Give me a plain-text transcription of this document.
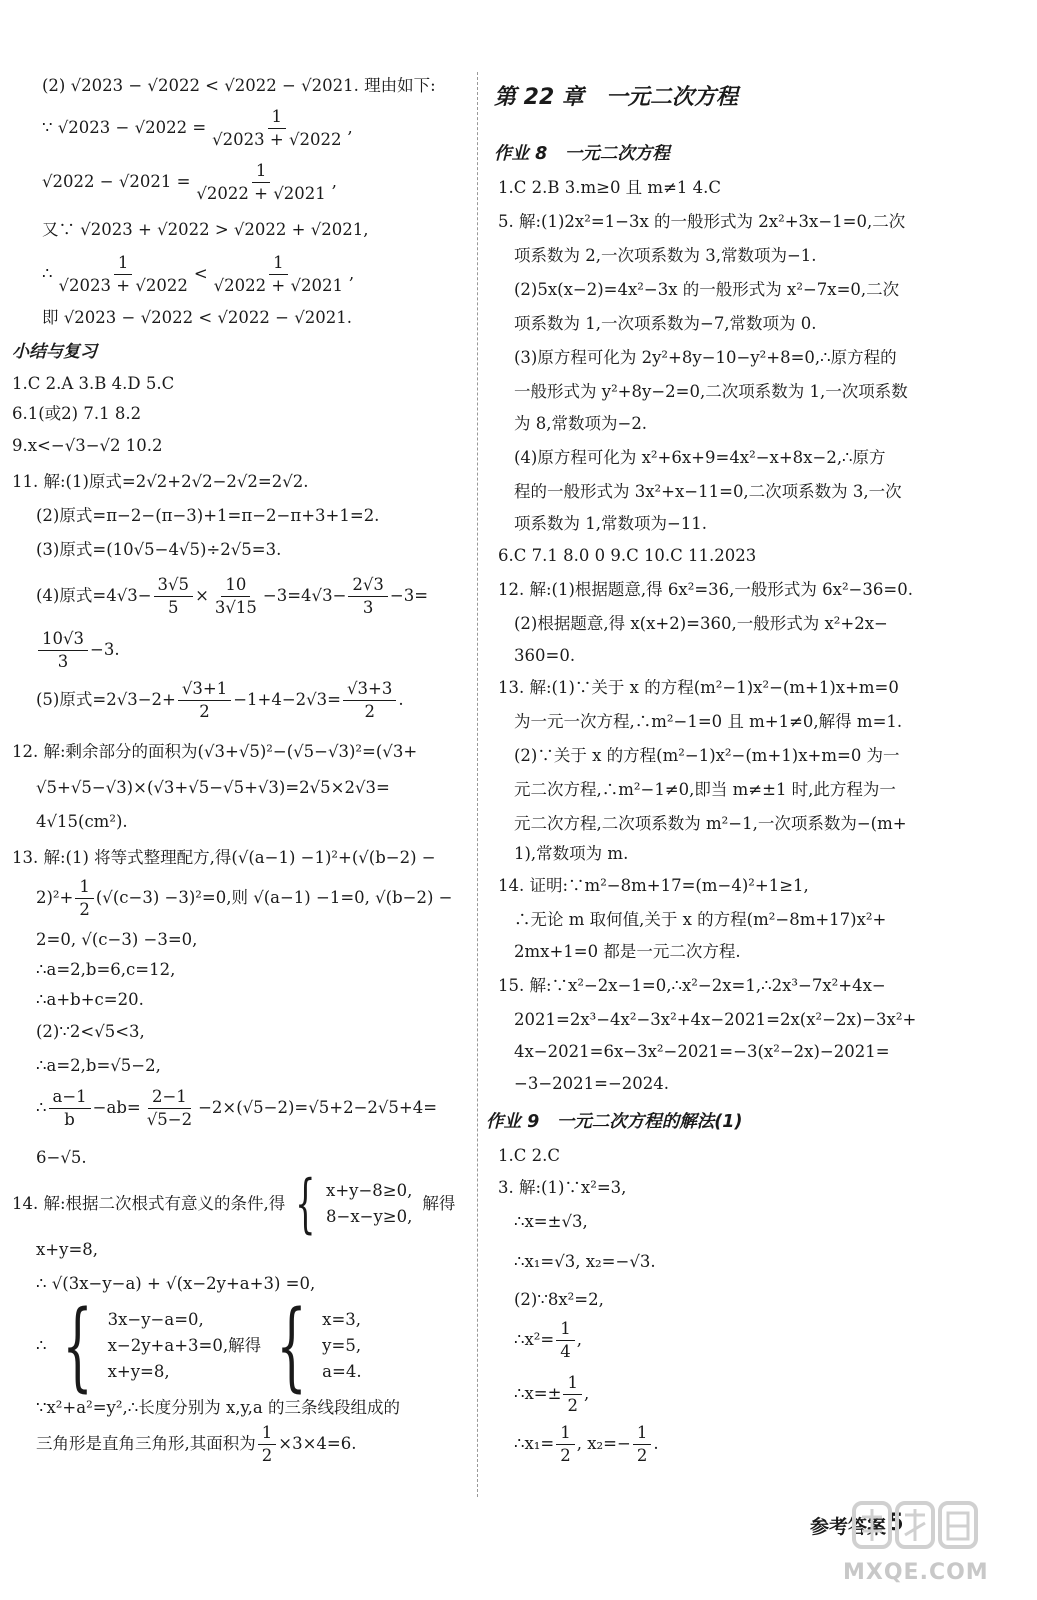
(2) √2023 − √2022 < √2022 − √2021. 理由如下:
∵ $√2023 - √2022 = \frac{1}{√2023 + √2022}$ ,
$√2022 - √2021 = \frac{1}{√2022 + √2021}$ ,
又∵ √2023 + √2022 > √2022 + √2021,
∴ $\frac{1}{√2023 + √2022} < \frac{1}{√2022 + √2021}$ ,
即 √2023 − √2022 < √2022 − √2021.
小结与复习
1.C 2.A 3.B 4.D 5.C
6.1(或2) 7.1 8.2
9.x<−√3−√2 10.2
11. 解:(1)原式=2√2+2√2−2√2=2√2.
(2)原式=π−2−(π−3)+1=π−2−π+3+1=2.
(3)原式=(10√5−4√5)÷2√5=3.
(4)原式$=4√3- \frac{3√5}{5} \times \frac{10}{3√15} -3=4√3- \frac{2√3}{3} -3=$
$\frac{10√3}{3} -3$.
(5)原式$=2√3-2+ \frac{√3+1}{2} -1+4-2√3= \frac{√3+3}{2}$ .
12. 解:剩余部分的面积为(√3+√5)²−(√5−√3)²=(√3+
√5+√5−√3)×(√3+√5−√5+√3)=2√5×2√3=
4√15(cm²).
13. 解:(1) 将等式整理配方,得(√(a−1) −1)²+(√(b−2) −
$2)^2+ \frac{1}{2} (√(c-3) -3)^2=0$,则 √(a−1) −1=0, √(b−2) −
2=0, √(c−3) −3=0,
∴a=2,b=6,c=12,
∴a+b+c=20.
(2)∵2<√5<3,
∴a=2,b=√5−2,
∴ $\frac{a-1}{b} -ab= \frac{2-1}{√5-2} -2\times(√5-2)=√5+2-2√5+4=$
6−√5.
14. 解:根据二次根式有意义的条件,得 { x+y−8≥0,
8−x−y≥0,
解得
x+y=8,
∴ √(3x−y−a) + √(x−2y+a+3) =0,
∴ { 3x−y−a=0,
x−2y+a+3=0,
x+y=8,
解得 { x=3,
y=5,
a=4.
∵x²+a²=y²,∴长度分别为 x,y,a 的三条线段组成的
三角形是直角三角形,其面积为 $\frac{1}{2} \times 3\times 4=6$.
第 22 章　一元二次方程
作业 8　一元二次方程
1.C 2.B 3.m≥0 且 m≠1 4.C
5. 解:(1)2x²=1−3x 的一般形式为 2x²+3x−1=0,二次
项系数为 2,一次项系数为 3,常数项为−1.
(2)5x(x−2)=4x²−3x 的一般形式为 x²−7x=0,二次
项系数为 1,一次项系数为−7,常数项为 0.
(3)原方程可化为 2y²+8y−10−y²+8=0,∴原方程的
一般形式为 y²+8y−2=0,二次项系数为 1,一次项系数
为 8,常数项为−2.
(4)原方程可化为 x²+6x+9=4x²−x+8x−2,∴原方
程的一般形式为 3x²+x−11=0,二次项系数为 3,一次
项系数为 1,常数项为−11.
6.C 7.1 8.0 0 9.C 10.C 11.2023
12. 解:(1)根据题意,得 6x²=36,一般形式为 6x²−36=0.
(2)根据题意,得 x(x+2)=360,一般形式为 x²+2x−
360=0.
13. 解:(1)∵关于 x 的方程(m²−1)x²−(m+1)x+m=0
为一元一次方程,∴m²−1=0 且 m+1≠0,解得 m=1.
(2)∵关于 x 的方程(m²−1)x²−(m+1)x+m=0 为一
元二次方程,∴m²−1≠0,即当 m≠±1 时,此方程为一
元二次方程,二次项系数为 m²−1,一次项系数为−(m+
1),常数项为 m.
14. 证明:∵m²−8m+17=(m−4)²+1≥1,
∴无论 m 取何值,关于 x 的方程(m²−8m+17)x²+
2mx+1=0 都是一元二次方程.
15. 解:∵x²−2x−1=0,∴x²−2x=1,∴2x³−7x²+4x−
2021=2x³−4x²−3x²+4x−2021=2x(x²−2x)−3x²+
4x−2021=6x−3x²−2021=−3(x²−2x)−2021=
−3−2021=−2024.
作业 9　一元二次方程的解法(1)
1.C 2.C
3. 解:(1)∵x²=3,
∴x=±√3,
∴x₁=√3, x₂=−√3.
(2)∵8x²=2,
∴x²= $\frac{1}{4}$ ,
∴x=± $\frac{1}{2}$ ,
∴x₁= $\frac{1}{2}$ , $x_2=- \frac{1}{2}$ .
参考答案 5
MXQE.COM
